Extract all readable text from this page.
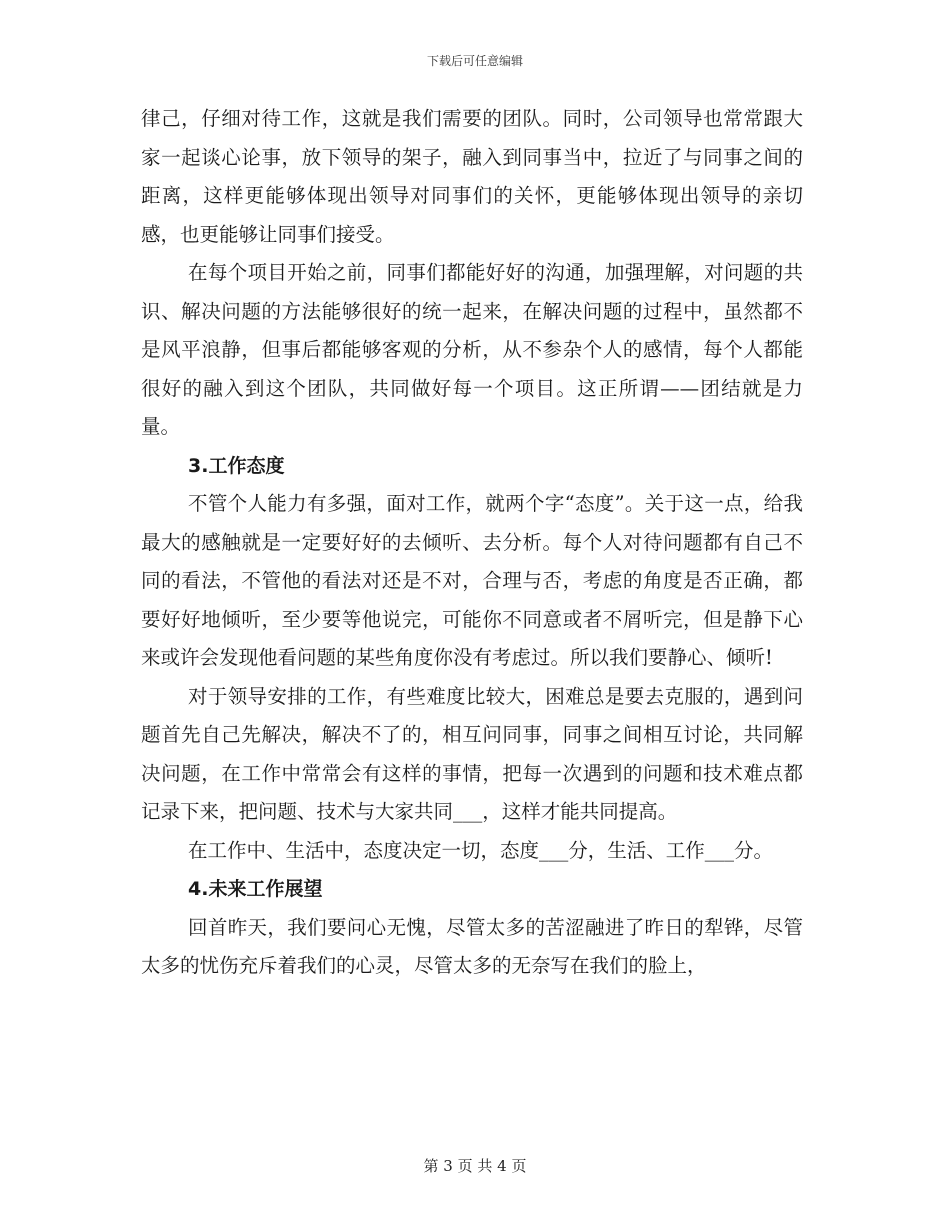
下载后可任意编辑

律己，仔细对待工作，这就是我们需要的团队。同时，公司领导也常常跟大家一起谈心论事，放下领导的架子，融入到同事当中，拉近了与同事之间的距离，这样更能够体现出领导对同事们的关怀，更能够体现出领导的亲切感，也更能够让同事们接受。

在每个项目开始之前，同事们都能好好的沟通，加强理解，对问题的共识、解决问题的方法能够很好的统一起来，在解决问题的过程中，虽然都不是风平浪静，但事后都能够客观的分析，从不参杂个人的感情，每个人都能很好的融入到这个团队，共同做好每一个项目。这正所谓——团结就是力量。

3.工作态度

不管个人能力有多强，面对工作，就两个字“态度”。关于这一点，给我最大的感触就是一定要好好的去倾听、去分析。每个人对待问题都有自己不同的看法，不管他的看法对还是不对，合理与否，考虑的角度是否正确，都要好好地倾听，至少要等他说完，可能你不同意或者不屑听完，但是静下心来或许会发现他看问题的某些角度你没有考虑过。所以我们要静心、倾听!

对于领导安排的工作，有些难度比较大，困难总是要去克服的，遇到问题首先自己先解决，解决不了的，相互问同事，同事之间相互讨论，共同解决问题，在工作中常常会有这样的事情，把每一次遇到的问题和技术难点都记录下来，把问题、技术与大家共同___，这样才能共同提高。

在工作中、生活中，态度决定一切，态度___分，生活、工作___分。

4.未来工作展望

回首昨天，我们要问心无愧，尽管太多的苦涩融进了昨日的犁铧，尽管太多的忧伤充斥着我们的心灵，尽管太多的无奈写在我们的脸上，

第 3 页 共 4 页
